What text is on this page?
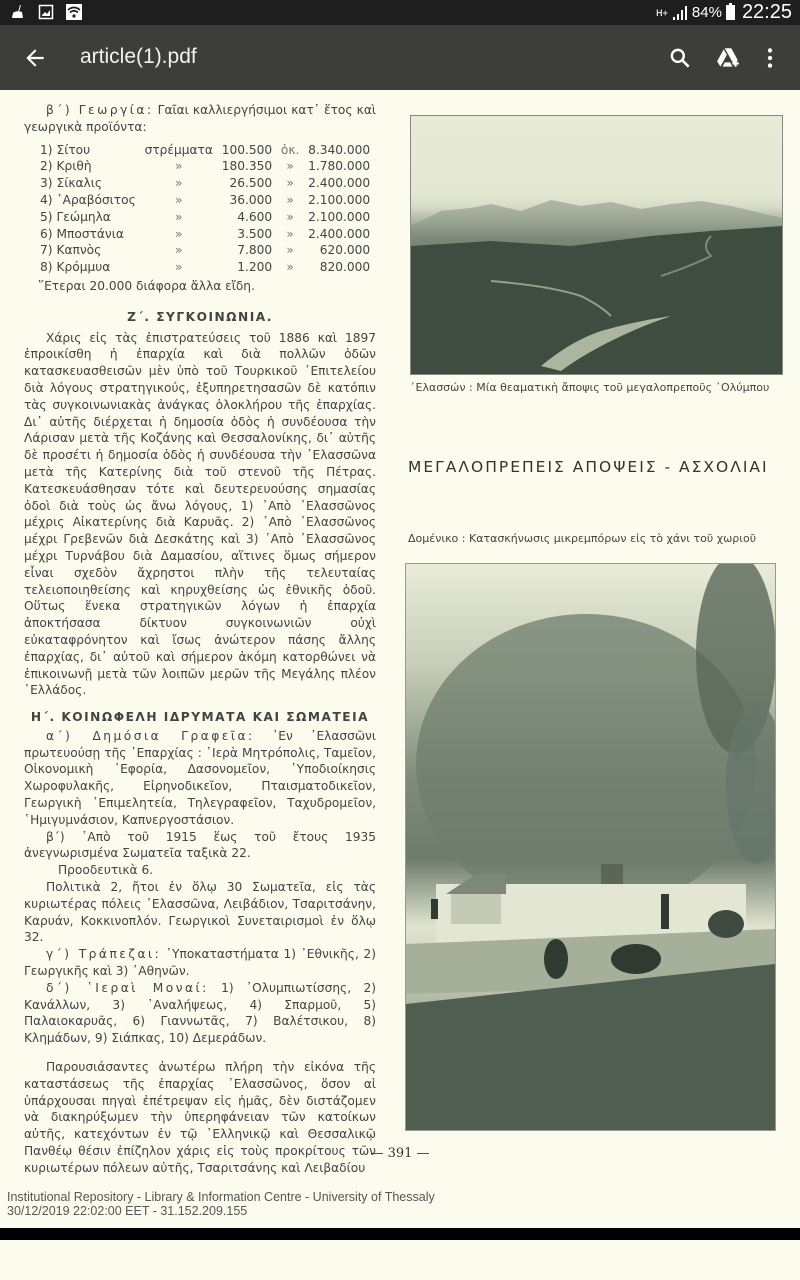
H+ 84% 22:25
article(1).pdf

β΄) Γεωργία: Γαῖαι καλλιεργήσιμοι κατ᾽ ἔτος καὶ γεωργικὰ προϊόντα:

1)	Σίτου	στρέμματα	100.500	ὀκ.	8.340.000
2)	Κριθὴ	»	180.350	»	1.780.000
3)	Σίκαλις	»	26.500	»	2.400.000
4)	᾽Αραβόσιτος	»	36.000	»	2.100.000
5)	Γεώμηλα	»	4.600	»	2.100.000
6)	Μποστάνια	»	3.500	»	2.400.000
7)	Καπνὸς	»	7.800	»	620.000
8)	Κρόμμυα	»	1.200	»	820.000

῞Ετεραι 20.000 διάφορα ἄλλα εἴδη.

Ζ΄. ΣΥΓΚΟΙΝΩΝΙΑ.

Χάρις εἰς τὰς ἐπιστρατεύσεις τοῦ 1886 καὶ 1897 ἐπροικίσθη ἡ ἐπαρχία καὶ διὰ πολλῶν ὁδῶν κατασκευασθεισῶν μὲν ὑπὸ τοῦ Τουρκικοῦ ᾽Επιτελείου διὰ λόγους στρατηγικούς, ἐξυπηρετησασῶν δὲ κατόπιν τὰς συγκοινωνιακὰς ἀνάγκας ὁλοκλήρου τῆς ἐπαρχίας. Δι᾽ αὐτῆς διέρχεται ἡ δημοσία ὁδὸς ἡ συνδέουσα τὴν Λάρισαν μετὰ τῆς Κοζάνης καὶ Θεσσαλονίκης, δι᾽ αὐτῆς δὲ προσέτι ἡ δημοσία ὁδὸς ἡ συνδέουσα τὴν ᾽Ελασσῶνα μετὰ τῆς Κατερίνης διὰ τοῦ στενοῦ τῆς Πέτρας. Κατεσκευάσθησαν τότε καὶ δευτερευούσης σημασίας ὁδοὶ διὰ τοὺς ὡς ἄνω λόγους, 1) ᾽Απὸ ᾽Ελασσῶνος μέχρις Αἰκατερίνης διὰ Καρυᾶς. 2) ᾽Απὸ ᾽Ελασσῶνος μέχρι Γρεβενῶν διὰ Δεσκάτης καὶ 3) ᾽Απὸ ᾽Ελασσῶνος μέχρι Τυρνάβου διὰ Δαμασίου, αἵτινες ὅμως σήμερον εἶναι σχεδὸν ἄχρηστοι πλὴν τῆς τελευταίας τελειοποιηθείσης καὶ κηρυχθείσης ὡς ἐθνικῆς ὁδοῦ. Οὕτως ἕνεκα στρατηγικῶν λόγων ἡ ἐπαρχία ἀποκτήσασα δίκτυον συγκοινωνιῶν οὐχὶ εὐκαταφρόνητον καὶ ἴσως ἀνώτερον πάσης ἄλλης ἐπαρχίας, δι᾽ αὐτοῦ καὶ σήμερον ἀκόμη κατορθώνει νὰ ἐπικοινωνῇ μετὰ τῶν λοιπῶν μερῶν τῆς Μεγάλης πλέον ῾Ελλάδος.

Η΄. ΚΟΙΝΩΦΕΛΗ ΙΔΡΥΜΑΤΑ ΚΑΙ ΣΩΜΑΤΕΙΑ

α΄) Δημόσια Γραφεῖα: ᾽Εν ᾽Ελασσῶνι πρωτευούσῃ τῆς ᾽Επαρχίας : ῾Ιερὰ Μητρόπολις, Ταμεῖον, Οἰκονομικὴ ᾽Εφορία, Δασονομεῖον, ῾Υποδιοίκησις Χωροφυλακῆς, Εἰρηνοδικεῖον, Πταισματοδικεῖον, Γεωργικὴ ᾽Επιμελητεία, Τηλεγραφεῖον, Ταχυδρομεῖον, ῾Ημιγυμνάσιον, Καπνεργοστάσιον.

β΄) ᾽Απὸ τοῦ 1915 ἕως τοῦ ἔτους 1935 ἀνεγνωρισμένα Σωματεῖα ταξικὰ 22.

Προοδευτικὰ 6.

Πολιτικὰ 2, ἤτοι ἐν ὅλῳ 30 Σωματεῖα, εἰς τὰς κυριωτέρας πόλεις ᾽Ελασσῶνα, Λειβάδιον, Τσαριτσάνην, Καρυάν, Κοκκινοπλόν. Γεωργικοὶ Συνεταιρισμοὶ ἐν ὅλῳ 32.

γ΄) Τράπεζαι: ῾Υποκαταστήματα 1) ᾽Εθνικῆς, 2) Γεωργικῆς καὶ 3) ᾽Αθηνῶν.

δ΄) ῾Ιεραὶ Μοναί: 1) ᾽Ολυμπιωτίσσης, 2) Κανάλλων, 3) ᾽Αναλήψεως, 4) Σπαρμοῦ, 5) Παλαιοκαρυᾶς, 6) Γιαννωτᾶς, 7) Βαλέτσικου, 8) Κλημάδων, 9) Σιάπκας, 10) Δεμεράδων.

Παρουσιάσαντες ἀνωτέρω πλήρη τὴν εἰκόνα τῆς καταστάσεως τῆς ἐπαρχίας ᾽Ελασσῶνος, ὅσον αἱ ὑπάρχουσαι πηγαὶ ἐπέτρεψαν εἰς ἡμᾶς, δὲν διστάζομεν νὰ διακηρύξωμεν τὴν ὑπερηφάνειαν τῶν κατοίκων αὐτῆς, κατεχόντων ἐν τῷ ῾Ελληνικῷ καὶ Θεσσαλικῷ Πανθέῳ θέσιν ἐπίζηλον χάρις εἰς τοὺς προκρίτους τῶν κυριωτέρων πόλεων αὐτῆς, Τσαριτσάνης καὶ Λειβαδίου

᾽Ελασσών : Μία θεαματικὴ ἄποψις τοῦ μεγαλοπρεποῦς ᾽Ολύμπου
ΜΕΓΑΛΟΠΡΕΠΕΙΣ ΑΠΟΨΕΙΣ - ΑΣΧΟΛΙΑΙ
Δομένικο : Κατασκήνωσις μικρεμπόρων εἰς τὸ χάνι τοῦ χωριοῦ
— 391 —
Institutional Repository - Library & Information Centre - University of Thessaly
30/12/2019 22:02:00 EET - 31.152.209.155
